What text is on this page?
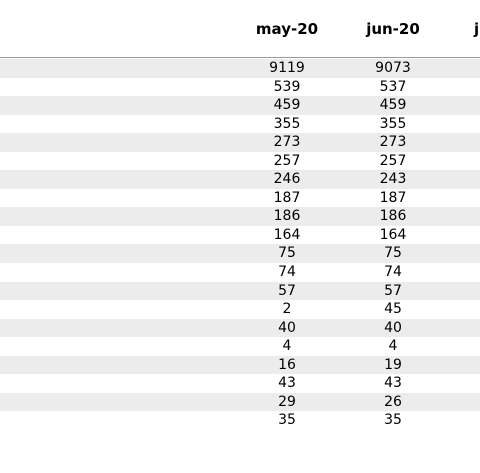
may-20	jun-20	j
9119	9073
539	537
459	459
355	355
273	273
257	257
246	243
187	187
186	186
164	164
75	75
74	74
57	57
2	45
40	40
4	4
16	19
43	43
29	26
35	35
